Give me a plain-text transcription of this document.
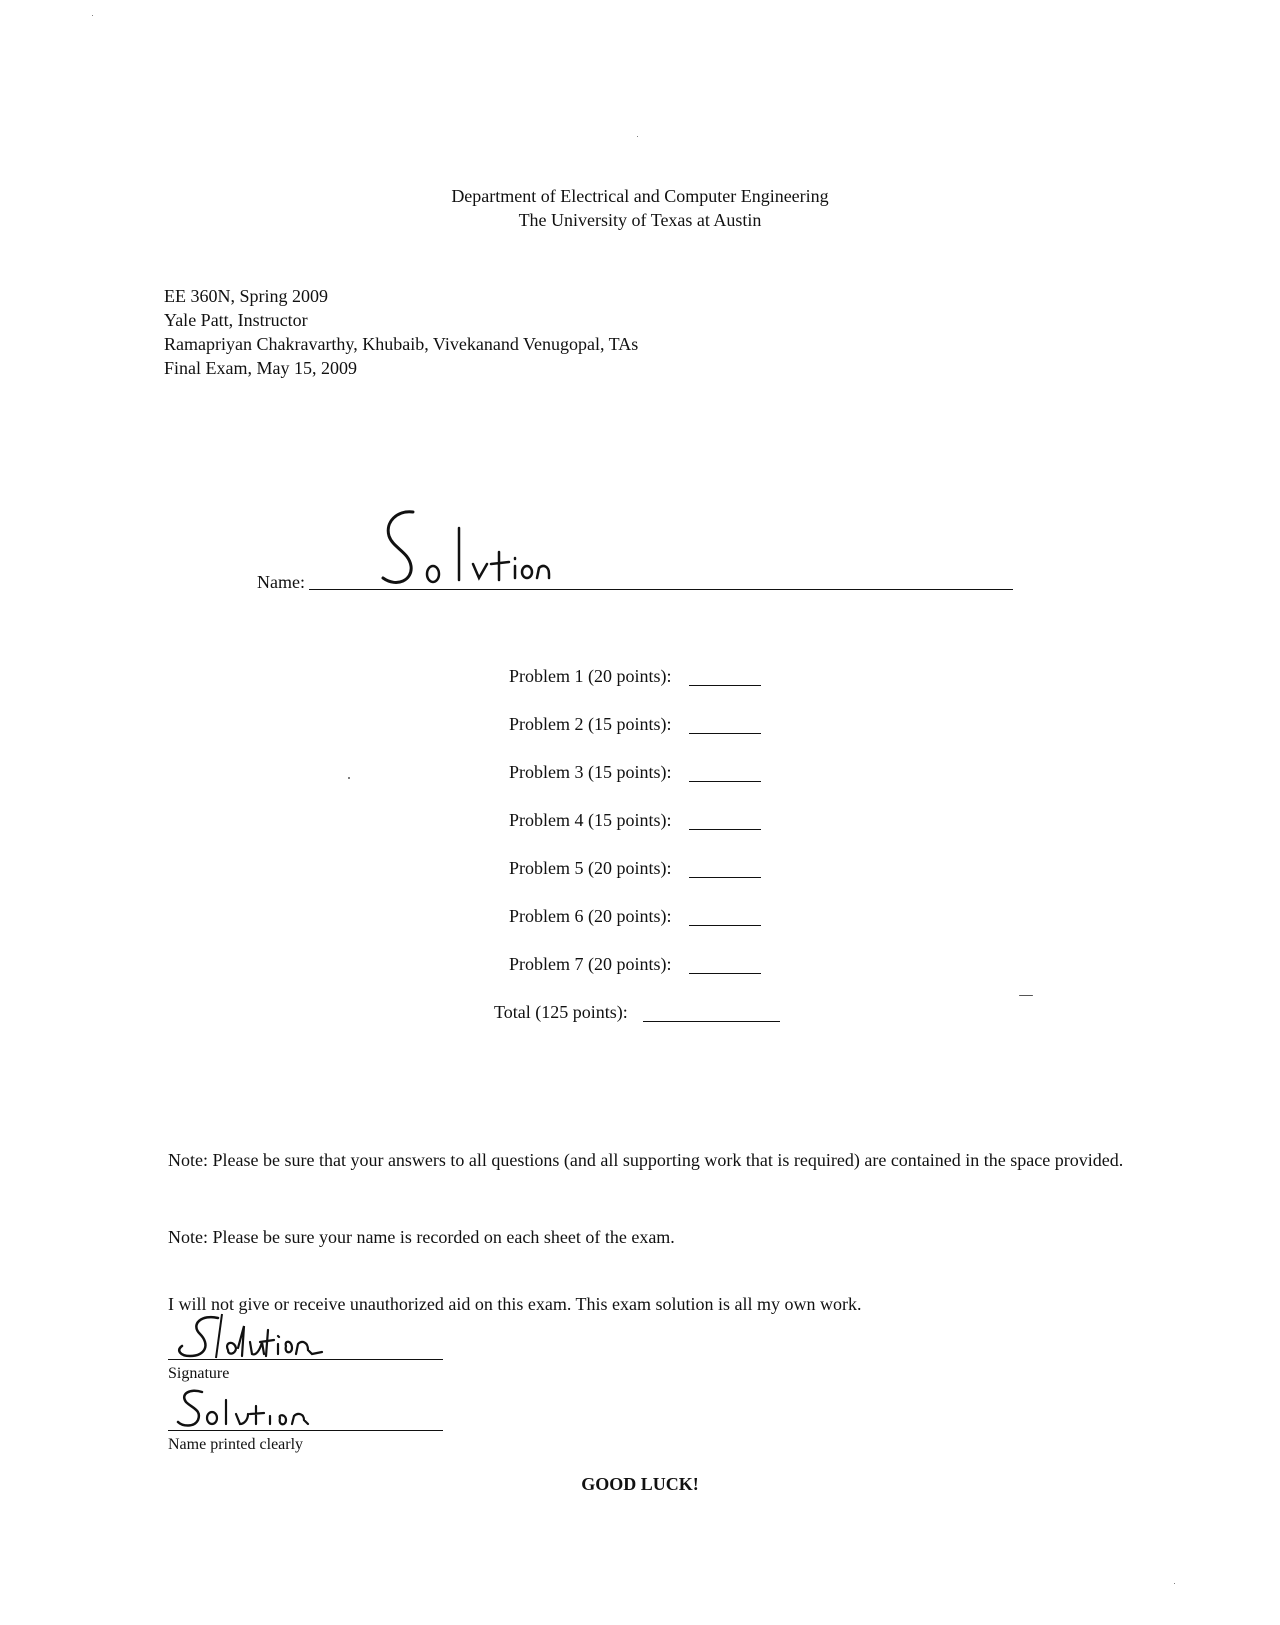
Department of Electrical and Computer Engineering
The University of Texas at Austin
EE 360N, Spring 2009
Yale Patt, Instructor
Ramapriyan Chakravarthy, Khubaib, Vivekanand Venugopal, TAs
Final Exam, May 15, 2009
Name:
Problem 1 (20 points):
Problem 2 (15 points):
Problem 3 (15 points):
Problem 4 (15 points):
Problem 5 (20 points):
Problem 6 (20 points):
Problem 7 (20 points):
Total (125 points):
Note: Please be sure that your answers to all questions (and all supporting work that is required) are contained in the space provided.
Note: Please be sure your name is recorded on each sheet of the exam.
I will not give or receive unauthorized aid on this exam. This exam solution is all my own work.
Signature
Name printed clearly
GOOD LUCK!
